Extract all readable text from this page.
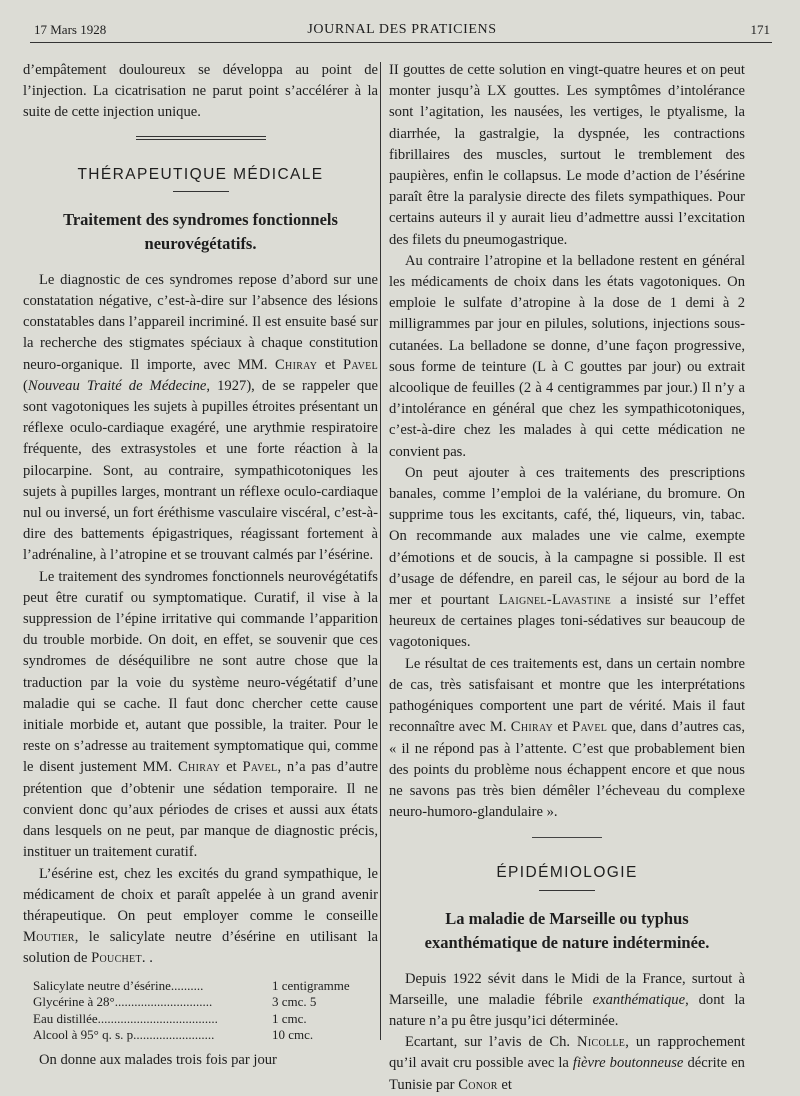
17 Mars 1928	JOURNAL DES PRATICIENS	171

d’empâtement douloureux se développa au point de l’injection. La cicatrisation ne parut point s’accélérer à la suite de cette injection unique.

THÉRAPEUTIQUE MÉDICALE
Traitement des syndromes fonctionnels neurovégétatifs.

Le diagnostic de ces syndromes repose d’abord sur une constatation négative, c’est-à-dire sur l’absence des lésions constatables dans l’appareil incriminé. Il est ensuite basé sur la recherche des stigmates spéciaux à chaque constitution neuro-organique. Il importe, avec MM. Chiray et Pavel (Nouveau Traité de Médecine, 1927), de se rappeler que sont vagotoniques les sujets à pupilles étroites présentant un réflexe oculo-cardiaque exagéré, une arythmie respiratoire fréquente, des extrasystoles et une forte réaction à la pilocarpine. Sont, au contraire, sympathicotoniques les sujets à pupilles larges, montrant un réflexe oculo-cardiaque nul ou inversé, un fort éréthisme vasculaire viscéral, c’est-à-dire des battements épigastriques, réagissant fortement à l’adrénaline, à l’atropine et se trouvant calmés par l’ésérine.

Le traitement des syndromes fonctionnels neurovégétatifs peut être curatif ou symptomatique. Curatif, il vise à la suppression de l’épine irritative qui commande l’apparition du trouble morbide. On doit, en effet, se souvenir que ces syndromes de déséquilibre ne sont autre chose que la traduction par la voie du système neuro-végétatif d’une maladie qui se cache. Il faut donc chercher cette cause initiale morbide et, autant que possible, la traiter. Pour le reste on s’adresse au traitement symptomatique qui, comme le disent justement MM. Chiray et Pavel, n’a pas d’autre prétention que d’obtenir une sédation temporaire. Il ne convient donc qu’aux périodes de crises et aussi aux états dans lesquels on ne peut, par manque de diagnostic précis, instituer un traitement curatif.

L’ésérine est, chez les excités du grand sympathique, le médicament de choix et paraît appelée à un grand avenir thérapeutique. On peut employer comme le conseille Moutier, le salicylate neutre d’ésérine en utilisant la solution de Pouchet. .

Salicylate neutre d’ésérine..........	1 centigramme
Glycérine à 28°..............................	3 cmc. 5
Eau distillée.....................................	1 cmc.
Alcool à 95° q. s. p.........................	10 cmc.

On donne aux malades trois fois par jour

II gouttes de cette solution en vingt-quatre heures et on peut monter jusqu’à LX gouttes. Les symptômes d’intolérance sont l’agitation, les nausées, les vertiges, le ptyalisme, la diarrhée, la gastralgie, la dyspnée, les contractions fibrillaires des muscles, surtout le tremblement des paupières, enfin le collapsus. Le mode d’action de l’ésérine paraît être la paralysie directe des filets sympathiques. Pour certains auteurs il y aurait lieu d’admettre aussi l’excitation des filets du pneumogastrique.

Au contraire l’atropine et la belladone restent en général les médicaments de choix dans les états vagotoniques. On emploie le sulfate d’atropine à la dose de 1 demi à 2 milligrammes par jour en pilules, solutions, injections sous-cutanées. La belladone se donne, d’une façon progressive, sous forme de teinture (L à C gouttes par jour) ou extrait alcoolique de feuilles (2 à 4 centigrammes par jour.) Il n’y a d’intolérance en général que chez les sympathicotoniques, c’est-à-dire chez les malades à qui cette médication ne convient pas.

On peut ajouter à ces traitements des prescriptions banales, comme l’emploi de la valériane, du bromure. On supprime tous les excitants, café, thé, liqueurs, vin, tabac. On recommande aux malades une vie calme, exempte d’émotions et de soucis, à la campagne si possible. Il est d’usage de défendre, en pareil cas, le séjour au bord de la mer et pourtant Laignel-Lavastine a insisté sur l’effet heureux de certaines plages toni-sédatives sur beaucoup de vagotoniques.

Le résultat de ces traitements est, dans un certain nombre de cas, très satisfaisant et montre que les interprétations pathogéniques comportent une part de vérité. Mais il faut reconnaître avec M. Chiray et Pavel que, dans d’autres cas, « il ne répond pas à l’attente. C’est que probablement bien des points du problème nous échappent encore et que nous ne savons pas très bien démêler l’écheveau du complexe neuro-humoro-glandulaire ».

ÉPIDÉMIOLOGIE
La maladie de Marseille ou typhus exanthématique de nature indéterminée.

Depuis 1922 sévit dans le Midi de la France, surtout à Marseille, une maladie fébrile exanthématique, dont la nature n’a pu être jusqu’ici déterminée.

Ecartant, sur l’avis de Ch. Nicolle, un rapprochement qu’il avait cru possible avec la fièvre boutonneuse décrite en Tunisie par Conor et
